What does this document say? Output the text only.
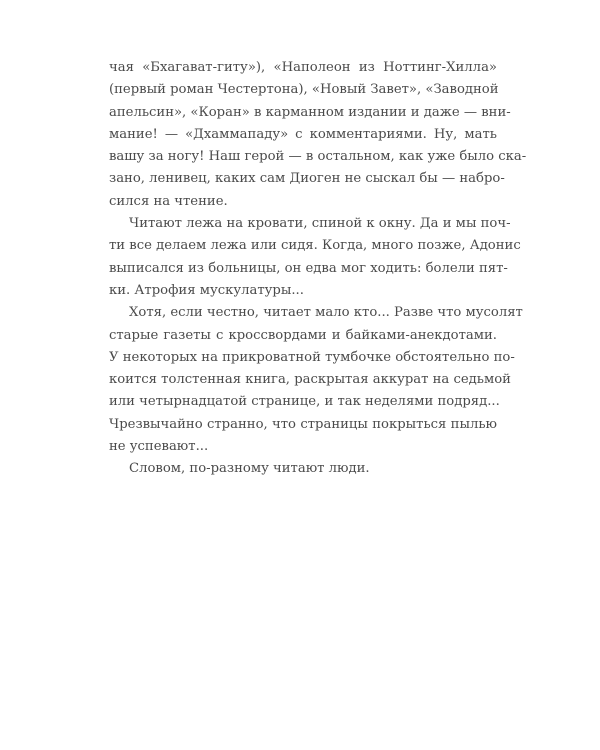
чая «Бхагават-гиту»), «Наполеон из Ноттинг-Хилла»
(первый роман Честертона), «Новый Завет», «Заводной
апельсин», «Коран» в карманном издании и даже — вни-
мание! — «Дхаммападу» с комментариями. Ну, мать
вашу за ногу! Наш герой — в остальном, как уже было ска-
зано, ленивец, каких сам Диоген не сыскал бы — набро-
сился на чтение.
Читают лежа на кровати, спиной к окну. Да и мы поч-
ти все делаем лежа или сидя. Когда, много позже, Адонис
выписался из больницы, он едва мог ходить: болели пят-
ки. Атрофия мускулатуры...
Хотя, если честно, читает мало кто... Разве что мусолят
старые газеты с кроссвордами и байками-анекдотами.
У некоторых на прикроватной тумбочке обстоятельно по-
коится толстенная книга, раскрытая аккурат на седьмой
или четырнадцатой странице, и так неделями подряд...
Чрезвычайно странно, что страницы покрыться пылью
не успевают...
Словом, по-разному читают люди.
